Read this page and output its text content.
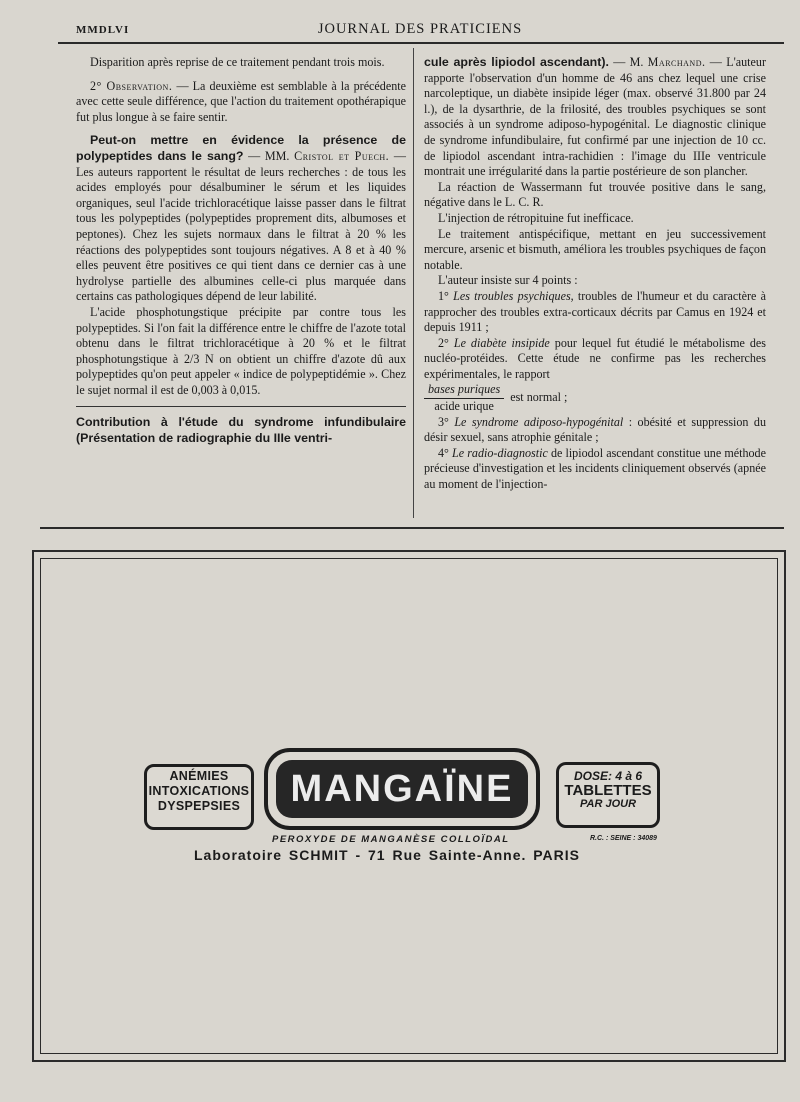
MMDLVI	JOURNAL DES PRATICIENS

Disparition après reprise de ce traitement pendant trois mois.

2° Observation. — La deuxième est semblable à la précédente avec cette seule différence, que l'action du traitement opothérapique fut plus longue à se faire sentir.

Peut-on mettre en évidence la présence de polypeptides dans le sang? — MM. Cristol et Puech. — Les auteurs rapportent le résultat de leurs recherches : de tous les acides employés pour désalbuminer le sérum et les liquides organiques, seul l'acide trichloracétique laisse passer dans le filtrat tous les polypeptides (polypeptides proprement dits, albumoses et peptones). Chez les sujets normaux dans le filtrat à 20 % les réactions des polypeptides sont toujours négatives. A 8 et à 40 % elles peuvent être positives ce qui tient dans ce dernier cas à une hydrolyse partielle des albumines celle-ci plus marquée dans certains cas pathologiques dépend de leur labilité.

L'acide phosphotungstique précipite par contre tous les polypeptides. Si l'on fait la différence entre le chiffre de l'azote total obtenu dans le filtrat trichloracétique à 20 % et le filtrat phosphotungstique à 2/3 N on obtient un chiffre d'azote dû aux polypeptides qu'on peut appeler « indice de polypeptidémie ». Chez le sujet normal il est de 0,003 à 0,015.

Contribution à l'étude du syndrome infundibulaire (Présentation de radiographie du IIIe ventri-

cule après lipiodol ascendant). — M. Marchand. — L'auteur rapporte l'observation d'un homme de 46 ans chez lequel une crise narcoleptique, un diabète insipide léger (max. observé 31.800 par 24 l.), de la dysarthrie, de la frilosité, des troubles psychiques se sont associés à un syndrome adiposo-hypogénital. Le diagnostic clinique de syndrome infundibulaire, fut confirmé par une injection de 10 cc. de lipiodol ascendant intra-rachidien : l'image du IIIe ventricule montrait une irrégularité dans la partie postérieure de son plancher.

La réaction de Wassermann fut trouvée positive dans le sang, négative dans le L. C. R.

L'injection de rétropituine fut inefficace.

Le traitement antispécifique, mettant en jeu successivement mercure, arsenic et bismuth, améliora les troubles psychiques de façon notable.

L'auteur insiste sur 4 points :

1° Les troubles psychiques, troubles de l'humeur et du caractère à rapprocher des troubles extra-corticaux décrits par Camus en 1924 et depuis 1911 ;

2° Le diabète insipide pour lequel fut étudié le métabolisme des nucléo-protéides. Cette étude ne confirme pas les recherches expérimentales, le rapport

$\frac{\text{bases puriques}}{\text{acide urique}}$ est normal ;

3° Le syndrome adiposo-hypogénital : obésité et suppression du désir sexuel, sans atrophie génitale ;

4° Le radio-diagnostic de lipiodol ascendant constitue une méthode précieuse d'investigation et les incidents cliniquement observés (apnée au moment de l'injection-

ANÉMIES
INTOXICATIONS
DYSPEPSIES	MANGAÏNE	DOSE: 4 à 6
TABLETTES
PAR JOUR
PEROXYDE DE MANGANÈSE COLLOÏDAL	R.C. : SEINE : 34089
Laboratoire SCHMIT - 71 Rue Sainte-Anne. PARIS
